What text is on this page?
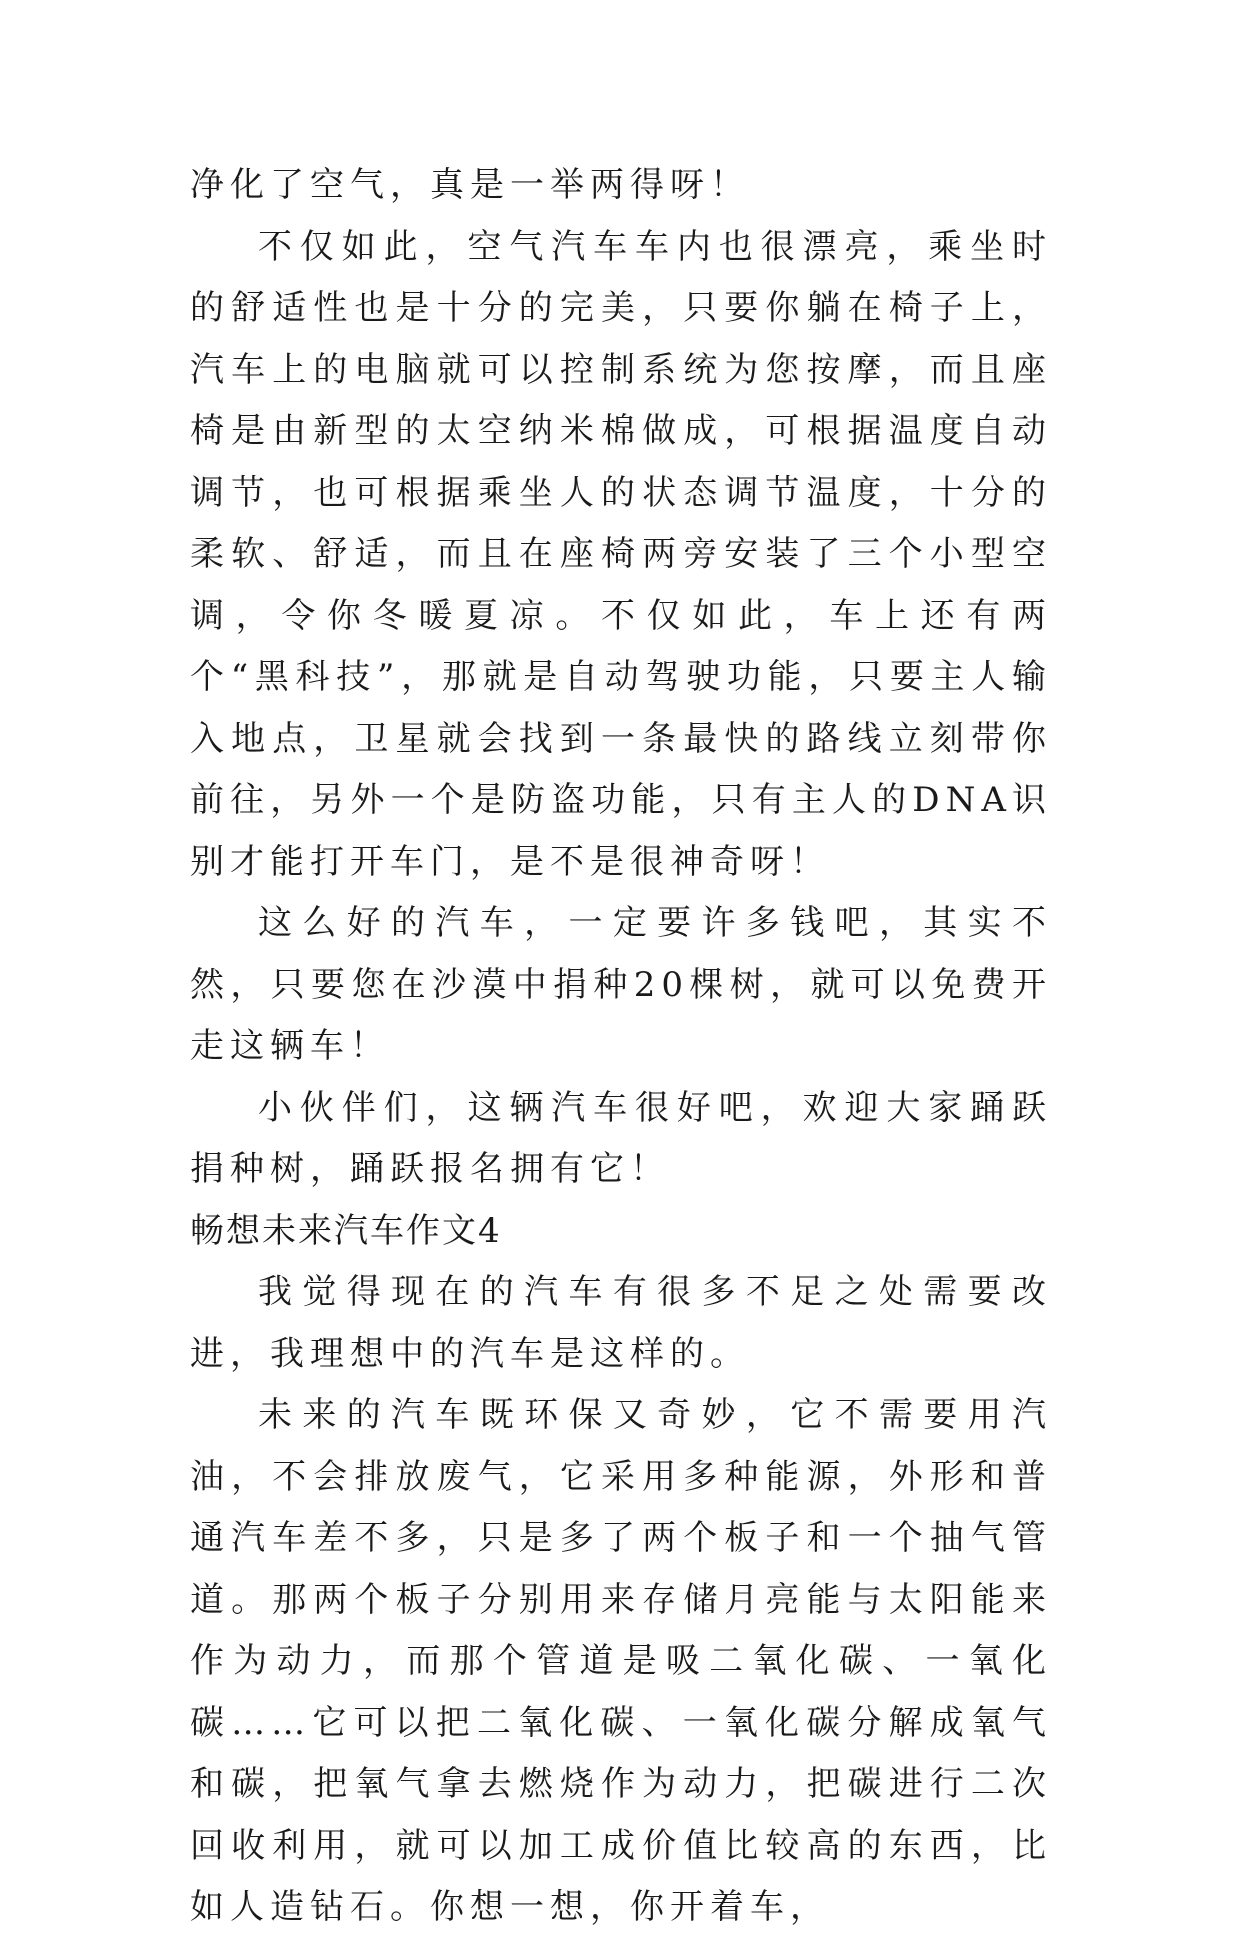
净化了空气，真是一举两得呀！

不仅如此，空气汽车车内也很漂亮，乘坐时的舒适性也是十分的完美，只要你躺在椅子上，汽车上的电脑就可以控制系统为您按摩，而且座椅是由新型的太空纳米棉做成，可根据温度自动调节，也可根据乘坐人的状态调节温度，十分的柔软、舒适，而且在座椅两旁安装了三个小型空调，令你冬暖夏凉。不仅如此，车上还有两个“黑科技”，那就是自动驾驶功能，只要主人输入地点，卫星就会找到一条最快的路线立刻带你前往，另外一个是防盗功能，只有主人的DNA识别才能打开车门，是不是很神奇呀！

这么好的汽车，一定要许多钱吧，其实不然，只要您在沙漠中捐种20棵树，就可以免费开走这辆车！

小伙伴们，这辆汽车很好吧，欢迎大家踊跃捐种树，踊跃报名拥有它！

畅想未来汽车作文4

我觉得现在的汽车有很多不足之处需要改进，我理想中的汽车是这样的。

未来的汽车既环保又奇妙，它不需要用汽油，不会排放废气，它采用多种能源，外形和普通汽车差不多，只是多了两个板子和一个抽气管道。那两个板子分别用来存储月亮能与太阳能来作为动力，而那个管道是吸二氧化碳、一氧化碳……它可以把二氧化碳、一氧化碳分解成氧气和碳，把氧气拿去燃烧作为动力，把碳进行二次回收利用，就可以加工成价值比较高的东西，比如人造钻石。你想一想，你开着车，
